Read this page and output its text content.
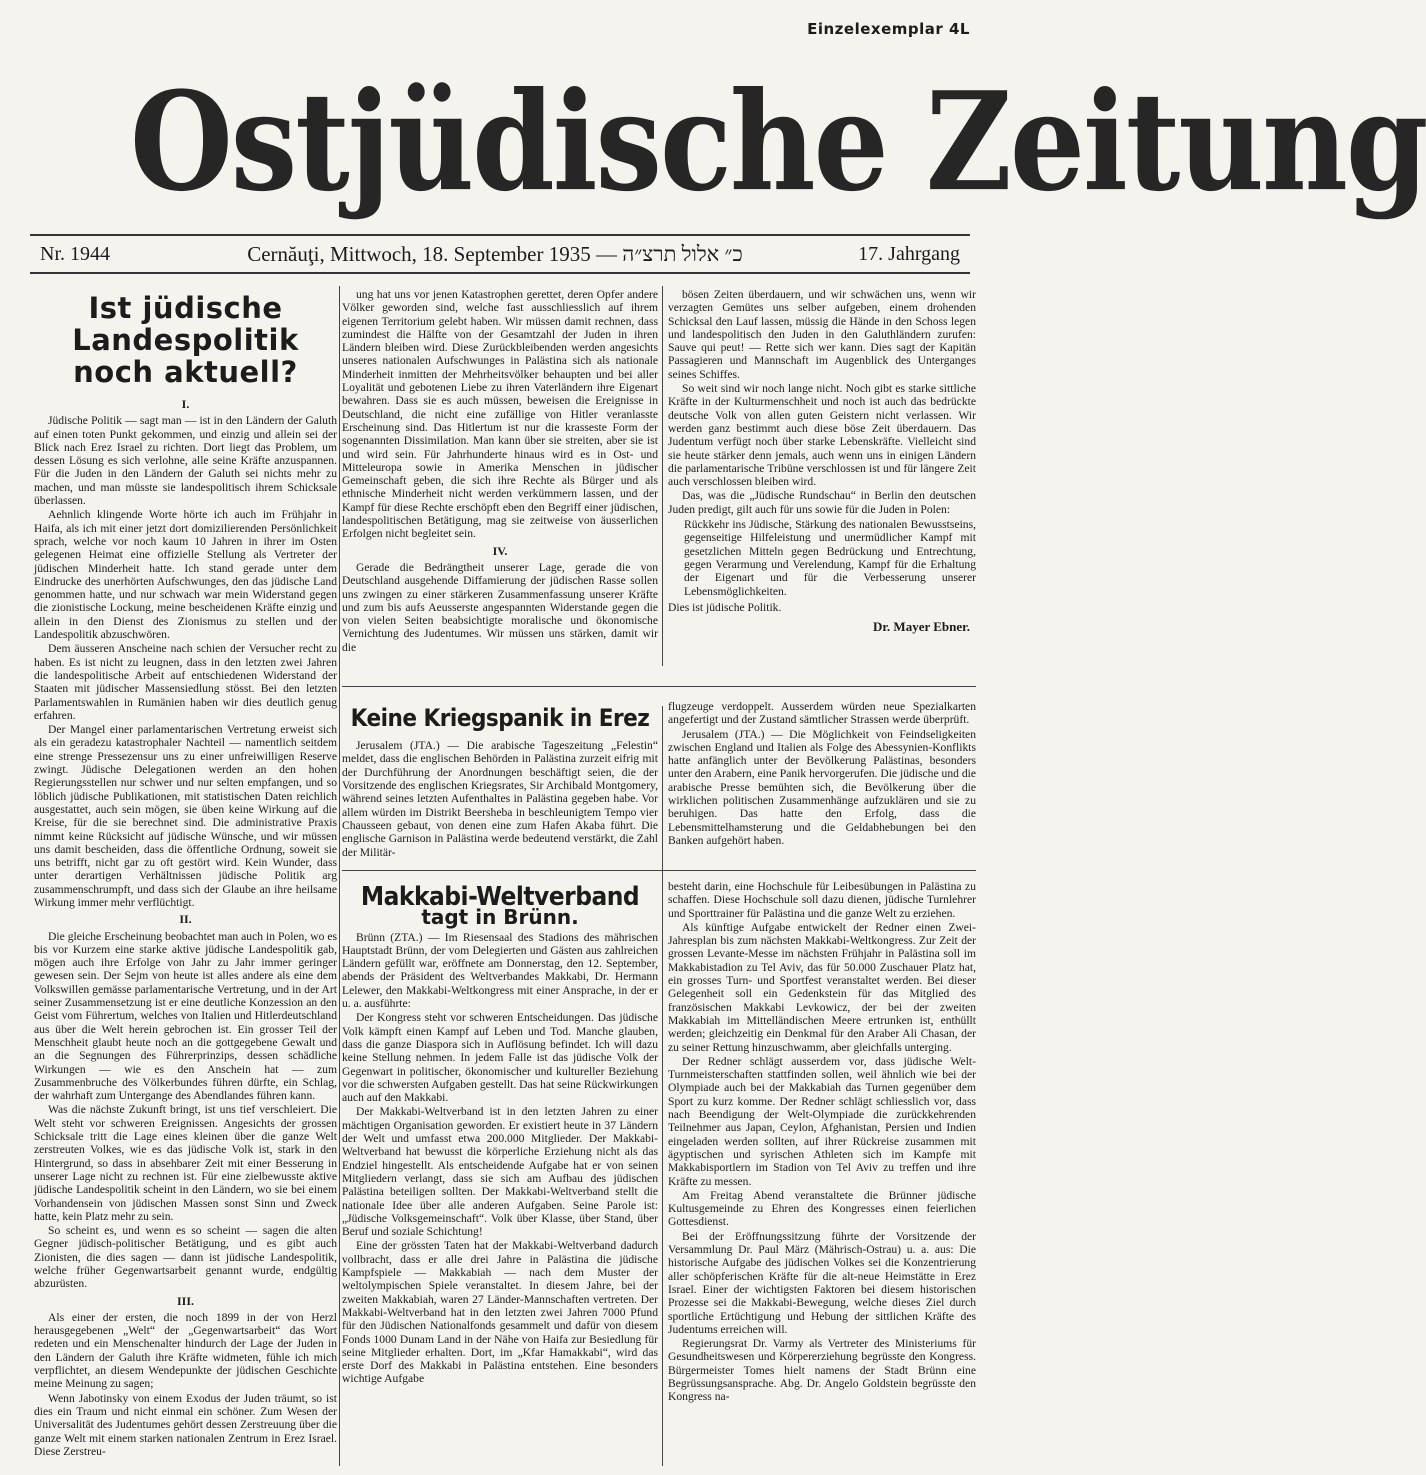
Einzelexemplar 4L
Ostjüdische Zeitung
Nr. 1944	Cernăuţi, Mittwoch, 18. September 1935 — כ״ אלול תרצ״ה	17. Jahrgang
Ist jüdische Landespolitik noch aktuell?
I.

Jüdische Politik — sagt man — ist in den Ländern der Galuth auf einen toten Punkt gekommen, und einzig und allein sei der Blick nach Erez Israel zu richten. Dort liegt das Problem, um dessen Lösung es sich verlohne, alle seine Kräfte anzuspannen. Für die Juden in den Ländern der Galuth sei nichts mehr zu machen, und man müsste sie landespolitisch ihrem Schicksale überlassen.

Aehnlich klingende Worte hörte ich auch im Frühjahr in Haifa, als ich mit einer jetzt dort domizilierenden Persönlichkeit sprach, welche vor noch kaum 10 Jahren in ihrer im Osten gelegenen Heimat eine offizielle Stellung als Vertreter der jüdischen Minderheit hatte. Ich stand gerade unter dem Eindrucke des unerhörten Aufschwunges, den das jüdische Land genommen hatte, und nur schwach war mein Widerstand gegen die zionistische Lockung, meine bescheidenen Kräfte einzig und allein in den Dienst des Zionismus zu stellen und der Landespolitik abzuschwören.

Dem äusseren Anscheine nach schien der Versucher recht zu haben. Es ist nicht zu leugnen, dass in den letzten zwei Jahren die landespolitische Arbeit auf entschiedenen Widerstand der Staaten mit jüdischer Massensiedlung stösst. Bei den letzten Parlamentswahlen in Rumänien haben wir dies deutlich genug erfahren.

Der Mangel einer parlamentarischen Vertretung erweist sich als ein geradezu katastrophaler Nachteil — namentlich seitdem eine strenge Pressezensur uns zu einer unfreiwilligen Reserve zwingt. Jüdische Delegationen werden an den hohen Regierungsstellen nur schwer und nur selten empfangen, und so löblich jüdische Publikationen, mit statistischen Daten reichlich ausgestattet, auch sein mögen, sie üben keine Wirkung auf die Kreise, für die sie berechnet sind. Die administrative Praxis nimmt keine Rücksicht auf jüdische Wünsche, und wir müssen uns damit bescheiden, dass die öffentliche Ordnung, soweit sie uns betrifft, nicht gar zu oft gestört wird. Kein Wunder, dass unter derartigen Verhältnissen jüdische Politik arg zusammenschrumpft, und dass sich der Glaube an ihre heilsame Wirkung immer mehr verflüchtigt.

II.

Die gleiche Erscheinung beobachtet man auch in Polen, wo es bis vor Kurzem eine starke aktive jüdische Landespolitik gab, mögen auch ihre Erfolge von Jahr zu Jahr immer geringer gewesen sein. Der Sejm von heute ist alles andere als eine dem Volkswillen gemässe parlamentarische Vertretung, und in der Art seiner Zusammensetzung ist er eine deutliche Konzession an den Geist vom Führertum, welches von Italien und Hitlerdeutschland aus über die Welt herein gebrochen ist. Ein grosser Teil der Menschheit glaubt heute noch an die gottgegebene Gewalt und an die Segnungen des Führerprinzips, dessen schädliche Wirkungen — wie es den Anschein hat — zum Zusammenbruche des Völkerbundes führen dürfte, ein Schlag, der wahrhaft zum Untergange des Abendlandes führen kann.

Was die nächste Zukunft bringt, ist uns tief verschleiert. Die Welt steht vor schweren Ereignissen. Angesichts der grossen Schicksale tritt die Lage eines kleinen über die ganze Welt zerstreuten Volkes, wie es das jüdische Volk ist, stark in den Hintergrund, so dass in absehbarer Zeit mit einer Besserung in unserer Lage nicht zu rechnen ist. Für eine zielbewusste aktive jüdische Landespolitik scheint in den Ländern, wo sie bei einem Vorhandensein von jüdischen Massen sonst Sinn und Zweck hatte, kein Platz mehr zu sein.

So scheint es, und wenn es so scheint — sagen die alten Gegner jüdisch-politischer Betätigung, und es gibt auch Zionisten, die dies sagen — dann ist jüdische Landespolitik, welche früher Gegenwartsarbeit genannt wurde, endgültig abzurüsten.

III.

Als einer der ersten, die noch 1899 in der von Herzl herausgegebenen „Welt“ der „Gegenwartsarbeit“ das Wort redeten und ein Menschenalter hindurch der Lage der Juden in den Ländern der Galuth ihre Kräfte widmeten, fühle ich mich verpflichtet, an diesem Wendepunkte der jüdischen Geschichte meine Meinung zu sagen;

Wenn Jabotinsky von einem Exodus der Juden träumt, so ist dies ein Traum und nicht einmal ein schöner. Zum Wesen der Universalität des Judentumes gehört dessen Zerstreuung über die ganze Welt mit einem starken nationalen Zentrum in Erez Israel. Diese Zerstreu-

ung hat uns vor jenen Katastrophen gerettet, deren Opfer andere Völker geworden sind, welche fast ausschliesslich auf ihrem eigenen Territorium gelebt haben. Wir müssen damit rechnen, dass zumindest die Hälfte von der Gesamtzahl der Juden in ihren Ländern bleiben wird. Diese Zurückbleibenden werden angesichts unseres nationalen Aufschwunges in Palästina sich als nationale Minderheit inmitten der Mehrheitsvölker behaupten und bei aller Loyalität und gebotenen Liebe zu ihren Vaterländern ihre Eigenart bewahren. Dass sie es auch müssen, beweisen die Ereignisse in Deutschland, die nicht eine zufällige von Hitler veranlasste Erscheinung sind. Das Hitlertum ist nur die krasseste Form der sogenannten Dissimilation. Man kann über sie streiten, aber sie ist und wird sein. Für Jahrhunderte hinaus wird es in Ost- und Mitteleuropa sowie in Amerika Menschen in jüdischer Gemeinschaft geben, die sich ihre Rechte als Bürger und als ethnische Minderheit nicht werden verkümmern lassen, und der Kampf für diese Rechte erschöpft eben den Begriff einer jüdischen, landespolitischen Betätigung, mag sie zeitweise von äusserlichen Erfolgen nicht begleitet sein.

IV.

Gerade die Bedrängtheit unserer Lage, gerade die von Deutschland ausgehende Diffamierung der jüdischen Rasse sollen uns zwingen zu einer stärkeren Zusammenfassung unserer Kräfte und zum bis aufs Aeusserste angespannten Widerstande gegen die von vielen Seiten beabsichtigte moralische und ökonomische Vernichtung des Judentumes. Wir müssen uns stärken, damit wir die

bösen Zeiten überdauern, und wir schwächen uns, wenn wir verzagten Gemütes uns selber aufgeben, einem drohenden Schicksal den Lauf lassen, müssig die Hände in den Schoss legen und landespolitisch den Juden in den Galuthländern zurufen: Sauve qui peut! — Rette sich wer kann. Dies sagt der Kapitän Passagieren und Mannschaft im Augenblick des Unterganges seines Schiffes.

So weit sind wir noch lange nicht. Noch gibt es starke sittliche Kräfte in der Kulturmenschheit und noch ist auch das bedrückte deutsche Volk von allen guten Geistern nicht verlassen. Wir werden ganz bestimmt auch diese böse Zeit überdauern. Das Judentum verfügt noch über starke Lebenskräfte. Vielleicht sind sie heute stärker denn jemals, auch wenn uns in einigen Ländern die parlamentarische Tribüne verschlossen ist und für längere Zeit auch verschlossen bleiben wird.

Das, was die „Jüdische Rundschau“ in Berlin den deutschen Juden predigt, gilt auch für uns sowie für die Juden in Polen:

Rückkehr ins Jüdische, Stärkung des nationalen Bewusstseins, gegenseitige Hilfeleistung und unermüdlicher Kampf mit gesetzlichen Mitteln gegen Bedrückung und Entrechtung, gegen Verarmung und Verelendung, Kampf für die Erhaltung der Eigenart und für die Verbesserung unserer Lebensmöglichkeiten.

Dies ist jüdische Politik.

Dr. Mayer Ebner.
Keine Kriegspanik in Erez

Jerusalem (JTA.) — Die arabische Tageszeitung „Felestin“ meldet, dass die englischen Behörden in Palästina zurzeit eifrig mit der Durchführung der Anordnungen beschäftigt seien, die der Vorsitzende des englischen Kriegsrates, Sir Archibald Montgomery, während seines letzten Aufenthaltes in Palästina gegeben habe. Vor allem würden im Distrikt Beersheba in beschleunigtem Tempo vier Chausseen gebaut, von denen eine zum Hafen Akaba führt. Die englische Garnison in Palästina werde bedeutend verstärkt, die Zahl der Militär-

flugzeuge verdoppelt. Ausserdem würden neue Spezialkarten angefertigt und der Zustand sämtlicher Strassen werde überprüft.

Jerusalem (JTA.) — Die Möglichkeit von Feindseligkeiten zwischen England und Italien als Folge des Abessynien-Konflikts hatte anfänglich unter der Bevölkerung Palästinas, besonders unter den Arabern, eine Panik hervorgerufen. Die jüdische und die arabische Presse bemühten sich, die Bevölkerung über die wirklichen politischen Zusammenhänge aufzuklären und sie zu beruhigen. Das hatte den Erfolg, dass die Lebensmittelhamsterung und die Geldabhebungen bei den Banken aufgehört haben.

Makkabi-Weltverband
tagt in Brünn.

Brünn (ZTA.) — Im Riesensaal des Stadions des mährischen Hauptstadt Brünn, der vom Delegierten und Gästen aus zahlreichen Ländern gefüllt war, eröffnete am Donnerstag, den 12. September, abends der Präsident des Weltverbandes Makkabi, Dr. Hermann Lelewer, den Makkabi-Weltkongress mit einer Ansprache, in der er u. a. ausführte:

Der Kongress steht vor schweren Entscheidungen. Das jüdische Volk kämpft einen Kampf auf Leben und Tod. Manche glauben, dass die ganze Diaspora sich in Auflösung befindet. Ich will dazu keine Stellung nehmen. In jedem Falle ist das jüdische Volk der Gegenwart in politischer, ökonomischer und kultureller Beziehung vor die schwersten Aufgaben gestellt. Das hat seine Rückwirkungen auch auf den Makkabi.

Der Makkabi-Weltverband ist in den letzten Jahren zu einer mächtigen Organisation geworden. Er existiert heute in 37 Ländern der Welt und umfasst etwa 200.000 Mitglieder. Der Makkabi-Weltverband hat bewusst die körperliche Erziehung nicht als das Endziel hingestellt. Als entscheidende Aufgabe hat er von seinen Mitgliedern verlangt, dass sie sich am Aufbau des jüdischen Palästina beteiligen sollten. Der Makkabi-Weltverband stellt die nationale Idee über alle anderen Aufgaben. Seine Parole ist: „Jüdische Volksgemeinschaft“. Volk über Klasse, über Stand, über Beruf und soziale Schichtung!

Eine der grössten Taten hat der Makkabi-Weltverband dadurch vollbracht, dass er alle drei Jahre in Palästina die jüdische Kampfspiele — Makkabiah — nach dem Muster der weltolympischen Spiele veranstaltet. In diesem Jahre, bei der zweiten Makkabiah, waren 27 Länder-Mannschaften vertreten. Der Makkabi-Weltverband hat in den letzten zwei Jahren 7000 Pfund für den Jüdischen Nationalfonds gesammelt und dafür von diesem Fonds 1000 Dunam Land in der Nähe von Haifa zur Besiedlung für seine Mitglieder erhalten. Dort, im „Kfar Hamakkabi“, wird das erste Dorf des Makkabi in Palästina entstehen. Eine besonders wichtige Aufgabe

besteht darin, eine Hochschule für Leibesübungen in Palästina zu schaffen. Diese Hochschule soll dazu dienen, jüdische Turnlehrer und Sporttrainer für Palästina und die ganze Welt zu erziehen.

Als künftige Aufgabe entwickelt der Redner einen Zwei-Jahresplan bis zum nächsten Makkabi-Weltkongress. Zur Zeit der grossen Levante-Messe im nächsten Frühjahr in Palästina soll im Makkabistadion zu Tel Aviv, das für 50.000 Zuschauer Platz hat, ein grosses Turn- und Sportfest veranstaltet werden. Bei dieser Gelegenheit soll ein Gedenkstein für das Mitglied des französischen Makkabi Levkowicz, der bei der zweiten Makkabiah im Mittelländischen Meere ertrunken ist, enthüllt werden; gleichzeitig ein Denkmal für den Araber Ali Chasan, der zu seiner Rettung hinzuschwamm, aber gleichfalls unterging.

Der Redner schlägt ausserdem vor, dass jüdische Welt-Turnmeisterschaften stattfinden sollen, weil ähnlich wie bei der Olympiade auch bei der Makkabiah das Turnen gegenüber dem Sport zu kurz komme. Der Redner schlägt schliesslich vor, dass nach Beendigung der Welt-Olympiade die zurückkehrenden Teilnehmer aus Japan, Ceylon, Afghanistan, Persien und Indien eingeladen werden sollten, auf ihrer Rückreise zusammen mit ägyptischen und syrischen Athleten sich im Kampfe mit Makkabisportlern im Stadion von Tel Aviv zu treffen und ihre Kräfte zu messen.

Am Freitag Abend veranstaltete die Brünner jüdische Kultusgemeinde zu Ehren des Kongresses einen feierlichen Gottesdienst.

Bei der Eröffnungssitzung führte der Vorsitzende der Versammlung Dr. Paul März (Mährisch-Ostrau) u. a. aus: Die historische Aufgabe des jüdischen Volkes sei die Konzentrierung aller schöpferischen Kräfte für die alt-neue Heimstätte in Erez Israel. Einer der wichtigsten Faktoren bei diesem historischen Prozesse sei die Makkabi-Bewegung, welche dieses Ziel durch sportliche Ertüchtigung und Hebung der sittlichen Kräfte des Judentums erreichen will.

Regierungsrat Dr. Varmy als Vertreter des Ministeriums für Gesundheitswesen und Körpererziehung begrüsste den Kongress. Bürgermeister Tomes hielt namens der Stadt Brünn eine Begrüssungsansprache. Abg. Dr. Angelo Goldstein begrüsste den Kongress na-
